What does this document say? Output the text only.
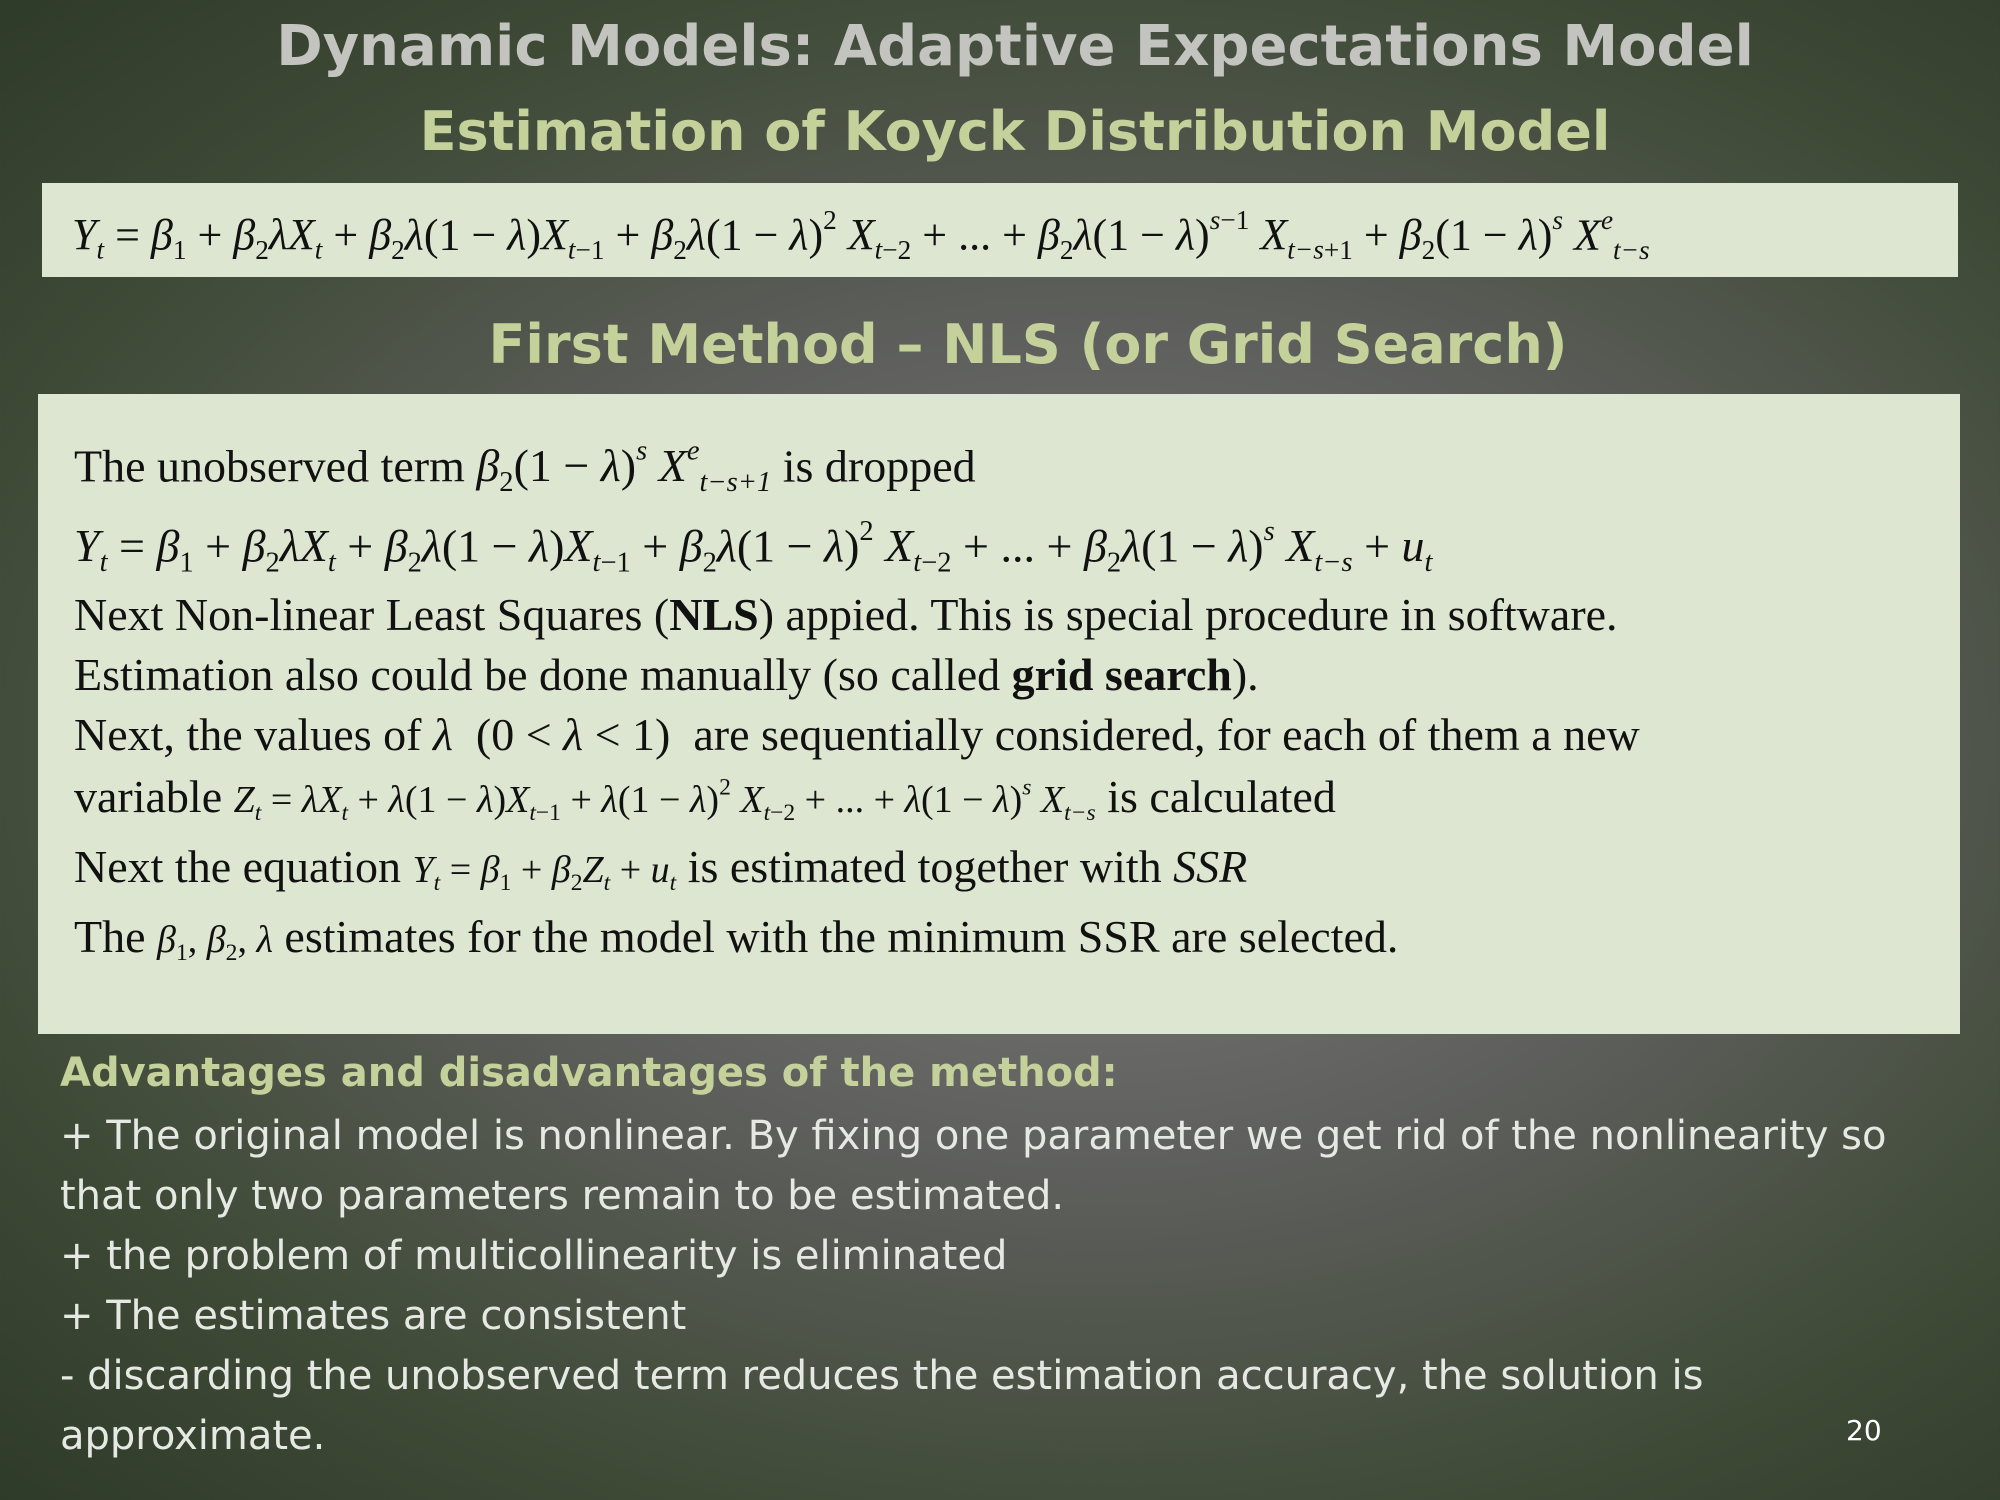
Dynamic Models: Adaptive Expectations Model
Estimation of Koyck Distribution Model
$Y_t = \beta_1 + \beta_2\lambda X_t + \beta_2\lambda(1 - \lambda)X_{t-1} + \beta_2\lambda(1 - \lambda)^2$ $X_{t-2}$ + ... + $\beta_2\lambda(1 - \lambda)^{s-1}$ $X_{t-s+1} + \beta_2(1 - \lambda)^s$ $X^e_{t-s}$
First Method – NLS (or Grid Search)
The unobserved term $\beta_2(1 - \lambda)^s$ $X^e_{t-s+1}$ is dropped
$Y_t = \beta_1 + \beta_2\lambda X_t + \beta_2\lambda(1 - \lambda)X_{t-1} + \beta_2\lambda(1 - \lambda)^2$ $X_{t-2}$ + ... + $\beta_2\lambda(1 - \lambda)^s$ $X_{t-s} + u_t$
Next Non-linear Least Squares (NLS) appied. This is special procedure in software.
Estimation also could be done manually (so called grid search).
Next, the values of λ  (0 < λ < 1)  are sequentially considered, for each of them a new
variable $Z_t = \lambda X_t + \lambda(1 - \lambda)X_{t-1} + \lambda(1 - \lambda)^2$ $X_{t-2}$ + ... + $\lambda(1 - \lambda)^s$ $X_{t-s}$ is calculated
Next the equation $Y_t = \beta_1 + \beta_2Z_t + u_t$ is estimated together with SSR
The $\beta_1$, $\beta_2$, λ estimates for the model with the minimum SSR are selected.
Advantages and disadvantages of the method:
+ The original model is nonlinear. By fixing one parameter we get rid of the nonlinearity so that only two parameters remain to be estimated.
+ the problem of multicollinearity is eliminated
+ The estimates are consistent
- discarding the unobserved term reduces the estimation accuracy, the solution is approximate.	20
